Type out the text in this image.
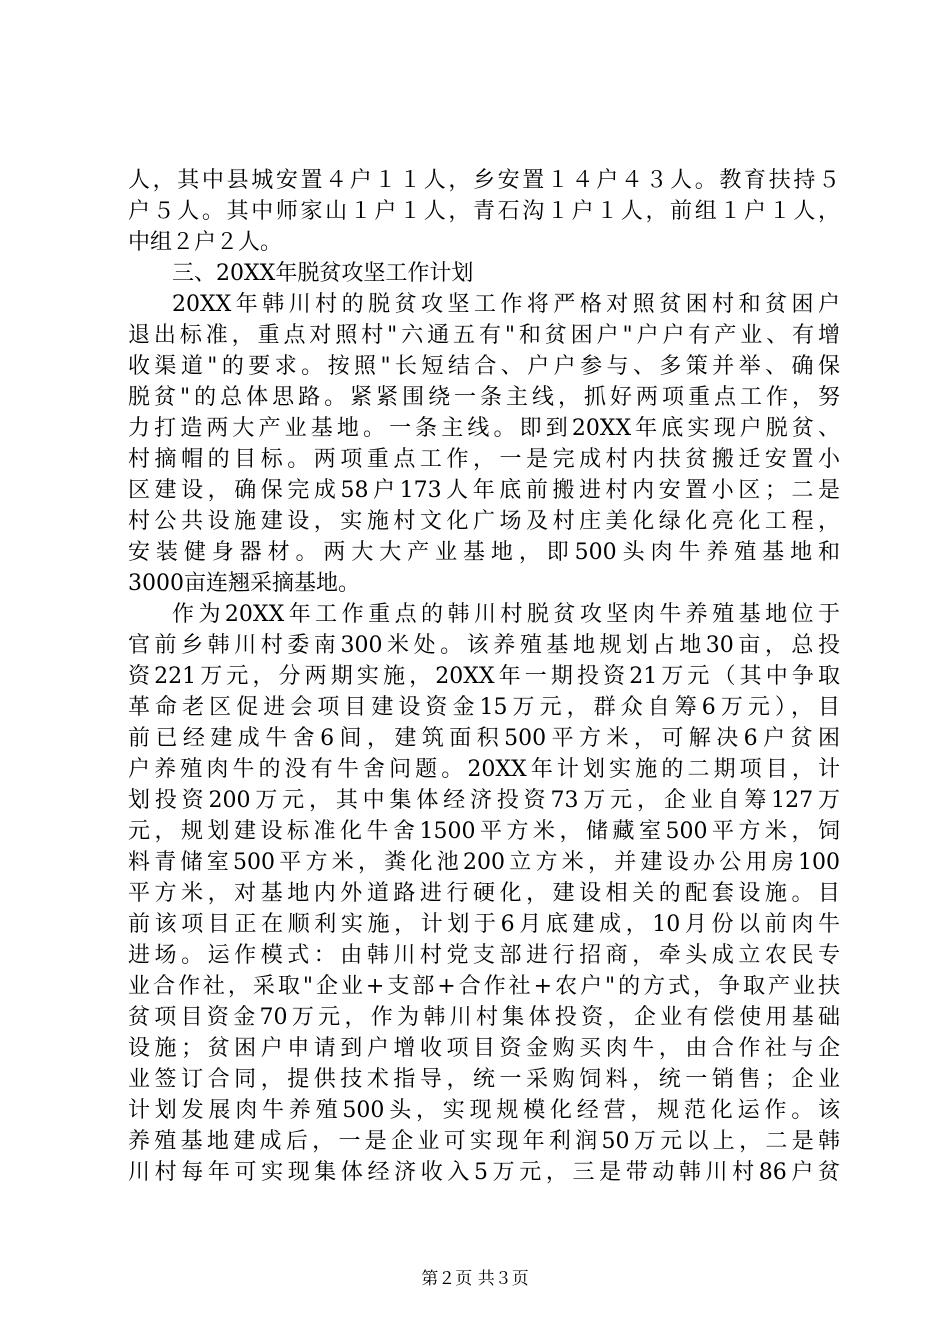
人，其中县城安置４户１１人，乡安置１４户４３人。教育扶持５
户５人。其中师家山１户１人，青石沟１户１人，前组１户１人，
中组２户２人。
三、20XX年脱贫攻坚工作计划
20XX年韩川村的脱贫攻坚工作将严格对照贫困村和贫困户
退出标准，重点对照村"六通五有"和贫困户"户户有产业、有增
收渠道"的要求。按照"长短结合、户户参与、多策并举、确保
脱贫"的总体思路。紧紧围绕一条主线，抓好两项重点工作，努
力打造两大产业基地。一条主线。即到20XX年底实现户脱贫、
村摘帽的目标。两项重点工作，一是完成村内扶贫搬迁安置小
区建设，确保完成58户173人年底前搬进村内安置小区；二是
村公共设施建设，实施村文化广场及村庄美化绿化亮化工程，
安装健身器材。两大大产业基地，即500头肉牛养殖基地和
3000亩连翘采摘基地。
作为20XX年工作重点的韩川村脱贫攻坚肉牛养殖基地位于
官前乡韩川村委南300米处。该养殖基地规划占地30亩，总投
资221万元，分两期实施，20XX年一期投资21万元（其中争取
革命老区促进会项目建设资金15万元，群众自筹6万元），目
前已经建成牛舍6间，建筑面积500平方米，可解决6户贫困
户养殖肉牛的没有牛舍问题。20XX年计划实施的二期项目，计
划投资200万元，其中集体经济投资73万元，企业自筹127万
元，规划建设标准化牛舍1500平方米，储藏室500平方米，饲
料青储室500平方米，粪化池200立方米，并建设办公用房100
平方米，对基地内外道路进行硬化，建设相关的配套设施。目
前该项目正在顺利实施，计划于6月底建成，10月份以前肉牛
进场。运作模式：由韩川村党支部进行招商，牵头成立农民专
业合作社，采取"企业+支部+合作社+农户"的方式，争取产业扶
贫项目资金70万元，作为韩川村集体投资，企业有偿使用基础
设施；贫困户申请到户增收项目资金购买肉牛，由合作社与企
业签订合同，提供技术指导，统一采购饲料，统一销售；企业
计划发展肉牛养殖500头，实现规模化经营，规范化运作。该
养殖基地建成后，一是企业可实现年利润50万元以上，二是韩
川村每年可实现集体经济收入5万元，三是带动韩川村86户贫
第２页 共３页
